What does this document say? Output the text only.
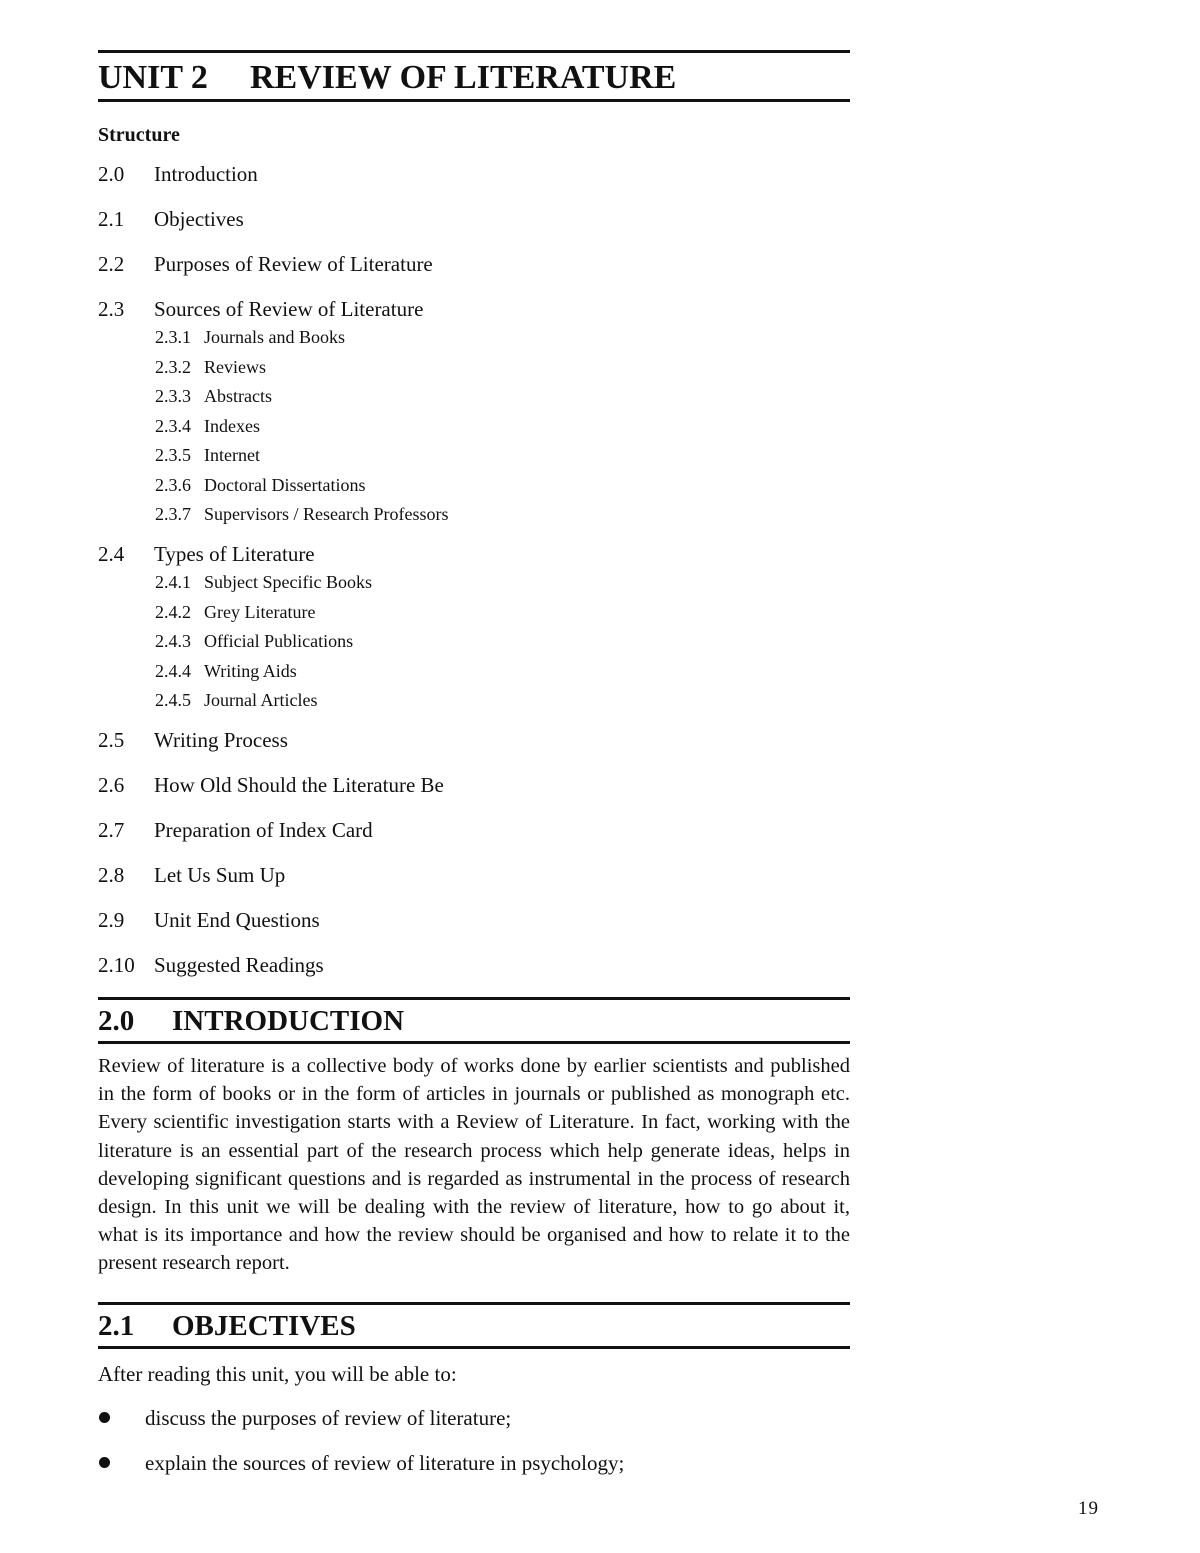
UNIT 2	REVIEW OF LITERATURE
Structure
2.0	Introduction
2.1	Objectives
2.2	Purposes of Review of Literature
2.3	Sources of Review of Literature
2.3.1 Journals and Books
2.3.2 Reviews
2.3.3 Abstracts
2.3.4 Indexes
2.3.5 Internet
2.3.6 Doctoral Dissertations
2.3.7 Supervisors / Research Professors
2.4	Types of Literature
2.4.1 Subject Specific Books
2.4.2 Grey Literature
2.4.3 Official Publications
2.4.4 Writing Aids
2.4.5 Journal Articles
2.5	Writing Process
2.6	How Old Should the Literature Be
2.7	Preparation of Index Card
2.8	Let Us Sum Up
2.9	Unit End Questions
2.10 Suggested Readings
2.0	INTRODUCTION

Review of literature is a collective body of works done by earlier scientists and published in the form of books or in the form of articles in journals or published as monograph etc. Every scientific investigation starts with a Review of Literature. In fact, working with the literature is an essential part of the research process which help generate ideas, helps in developing significant questions and is regarded as instrumental in the process of research design. In this unit we will be dealing with the review of literature, how to go about it, what is its importance and how the review should be organised and how to relate it to the present research report.

2.1	OBJECTIVES

After reading this unit, you will be able to:

discuss the purposes of review of literature;
explain the sources of review of literature in psychology;
19
